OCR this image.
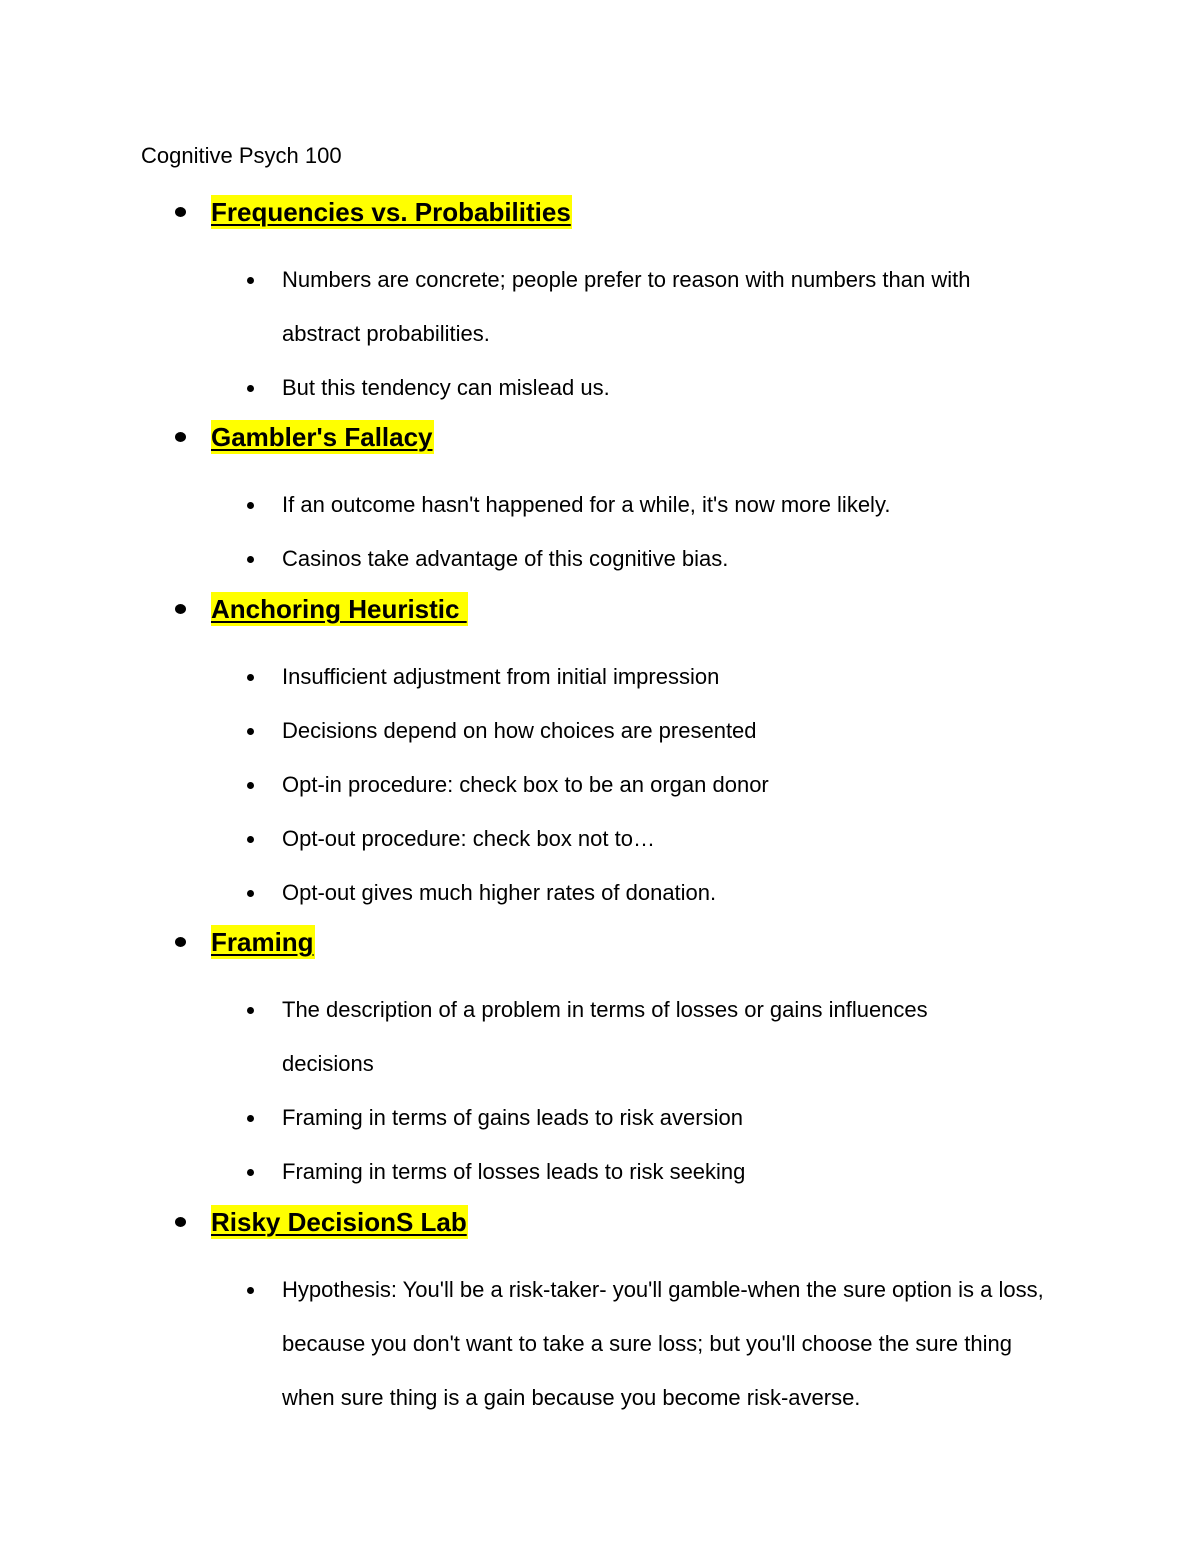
Cognitive Psych 100
Frequencies vs. Probabilities
Numbers are concrete; people prefer to reason with numbers than with abstract probabilities.
But this tendency can mislead us.
Gambler's Fallacy
If an outcome hasn't happened for a while, it's now more likely.
Casinos take advantage of this cognitive bias.
Anchoring Heuristic
Insufficient adjustment from initial impression
Decisions depend on how choices are presented
Opt-in procedure: check box to be an organ donor
Opt-out procedure: check box not to…
Opt-out gives much higher rates of donation.
Framing
The description of a problem in terms of losses or gains influences decisions
Framing in terms of gains leads to risk aversion
Framing in terms of losses leads to risk seeking
Risky DecisionS Lab
Hypothesis: You'll be a risk-taker- you'll gamble-when the sure option is a loss, because you don't want to take a sure loss; but you'll choose the sure thing when sure thing is a gain because you become risk-averse.
